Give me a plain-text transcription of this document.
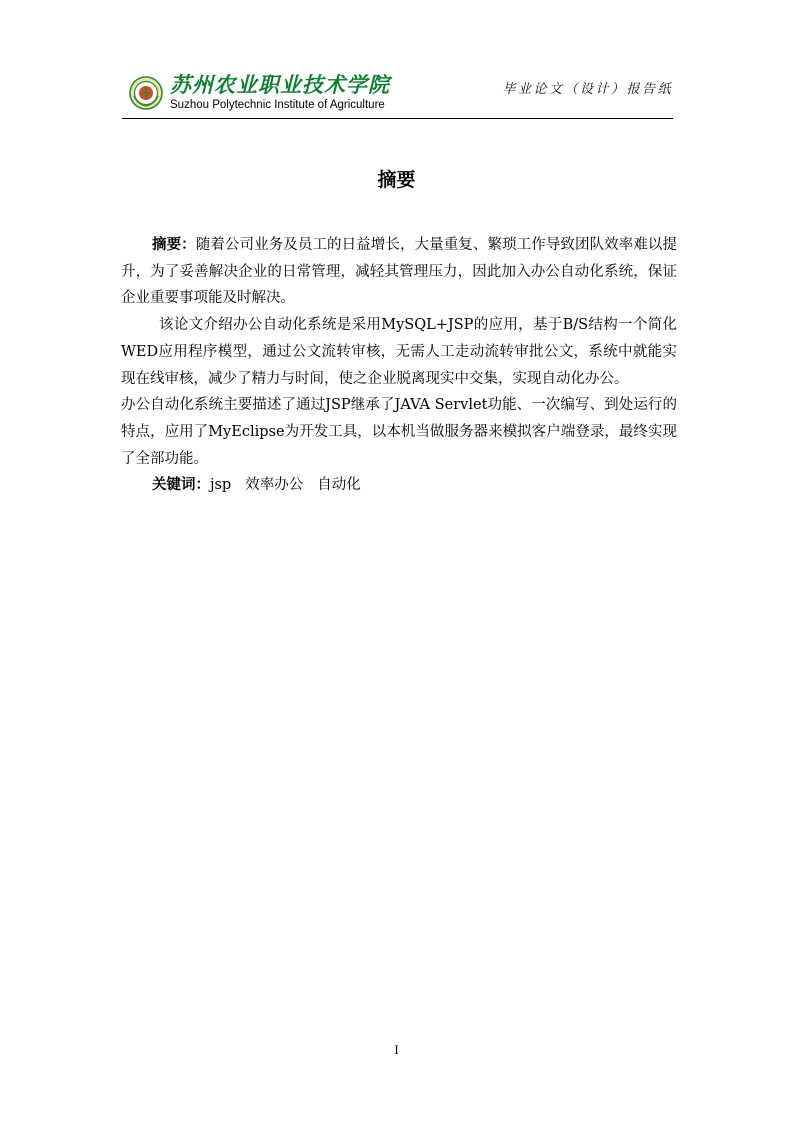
苏州农业职业技术学院
Suzhou Polytechnic Institute of Agriculture
毕业论文（设计）报告纸
摘要

摘要：随着公司业务及员工的日益增长，大量重复、繁琐工作导致团队效率难以提升，为了妥善解决企业的日常管理，减轻其管理压力，因此加入办公自动化系统，保证企业重要事项能及时解决。

该论文介绍办公自动化系统是采用MySQL+JSP的应用，基于B/S结构一个简化WED应用程序模型，通过公文流转审核，无需人工走动流转审批公文，系统中就能实现在线审核，减少了精力与时间，使之企业脱离现实中交集，实现自动化办公。

办公自动化系统主要描述了通过JSP继承了JAVA Servlet功能、一次编写、到处运行的特点，应用了MyEclipse为开发工具，以本机当做服务器来模拟客户端登录，最终实现了全部功能。

关键词：jsp 效率办公 自动化

I
